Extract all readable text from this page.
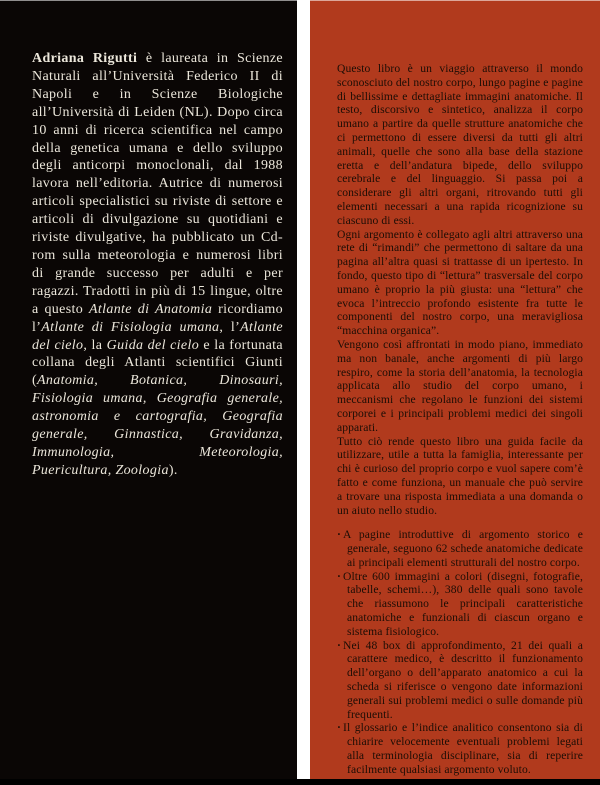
Adriana Rigutti è laureata in Scienze Naturali all’Università Federico II di Napoli e in Scienze Biologiche all’Università di Leiden (NL). Dopo circa 10 anni di ricerca scientifica nel campo della genetica umana e dello sviluppo degli anticorpi monoclonali, dal 1988 lavora nell’editoria. Autrice di numerosi articoli specialistici su riviste di settore e articoli di divulgazione su quotidiani e riviste divulgative, ha pubblicato un Cd-rom sulla meteorologia e numerosi libri di grande successo per adulti e per ragazzi. Tradotti in più di 15 lingue, oltre a questo Atlante di Anatomia ricordiamo l’Atlante di Fisiologia umana, l’Atlante del cielo, la Guida del cielo e la fortunata collana degli Atlanti scientifici Giunti (Anatomia, Botanica, Dinosauri, Fisiologia umana, Geografia generale, astronomia e cartografia, Geografia generale, Ginnastica, Gravidanza, Immunologia, Meteorologia, Puericultura, Zoologia).

Questo libro è un viaggio attraverso il mondo sconosciuto del nostro corpo, lungo pagine e pagine di bellissime e dettagliate immagini anatomiche. Il testo, discorsivo e sintetico, analizza il corpo umano a partire da quelle strutture anatomiche che ci permettono di essere diversi da tutti gli altri animali, quelle che sono alla base della stazione eretta e dell’andatura bipede, dello sviluppo cerebrale e del linguaggio. Si passa poi a considerare gli altri organi, ritrovando tutti gli elementi necessari a una rapida ricognizione su ciascuno di essi.

Ogni argomento è collegato agli altri attraverso una rete di “rimandi” che permettono di saltare da una pagina all’altra quasi si trattasse di un ipertesto. In fondo, questo tipo di “lettura” trasversale del corpo umano è proprio la più giusta: una “lettura” che evoca l’intreccio profondo esistente fra tutte le componenti del nostro corpo, una meravigliosa “macchina organica”.

Vengono così affrontati in modo piano, immediato ma non banale, anche argomenti di più largo respiro, come la storia dell’anatomia, la tecnologia applicata allo studio del corpo umano, i meccanismi che regolano le funzioni dei sistemi corporei e i principali problemi medici dei singoli apparati.

Tutto ciò rende questo libro una guida facile da utilizzare, utile a tutta la famiglia, interessante per chi è curioso del proprio corpo e vuol sapere com’è fatto e come funziona, un manuale che può servire a trovare una risposta immediata a una domanda o un aiuto nello studio.

· A pagine introduttive di argomento storico e generale, seguono 62 schede anatomiche dedicate ai principali elementi strutturali del nostro corpo.
· Oltre 600 immagini a colori (disegni, fotografie, tabelle, schemi…), 380 delle quali sono tavole che riassumono le principali caratteristiche anatomiche e funzionali di ciascun organo e sistema fisiologico.
· Nei 48 box di approfondimento, 21 dei quali a carattere medico, è descritto il funzionamento dell’organo o dell’apparato anatomico a cui la scheda si riferisce o vengono date informazioni generali sui problemi medici o sulle domande più frequenti.
· Il glossario e l’indice analitico consentono sia di chiarire velocemente eventuali problemi legati alla terminologia disciplinare, sia di reperire facilmente qualsiasi argomento voluto.
